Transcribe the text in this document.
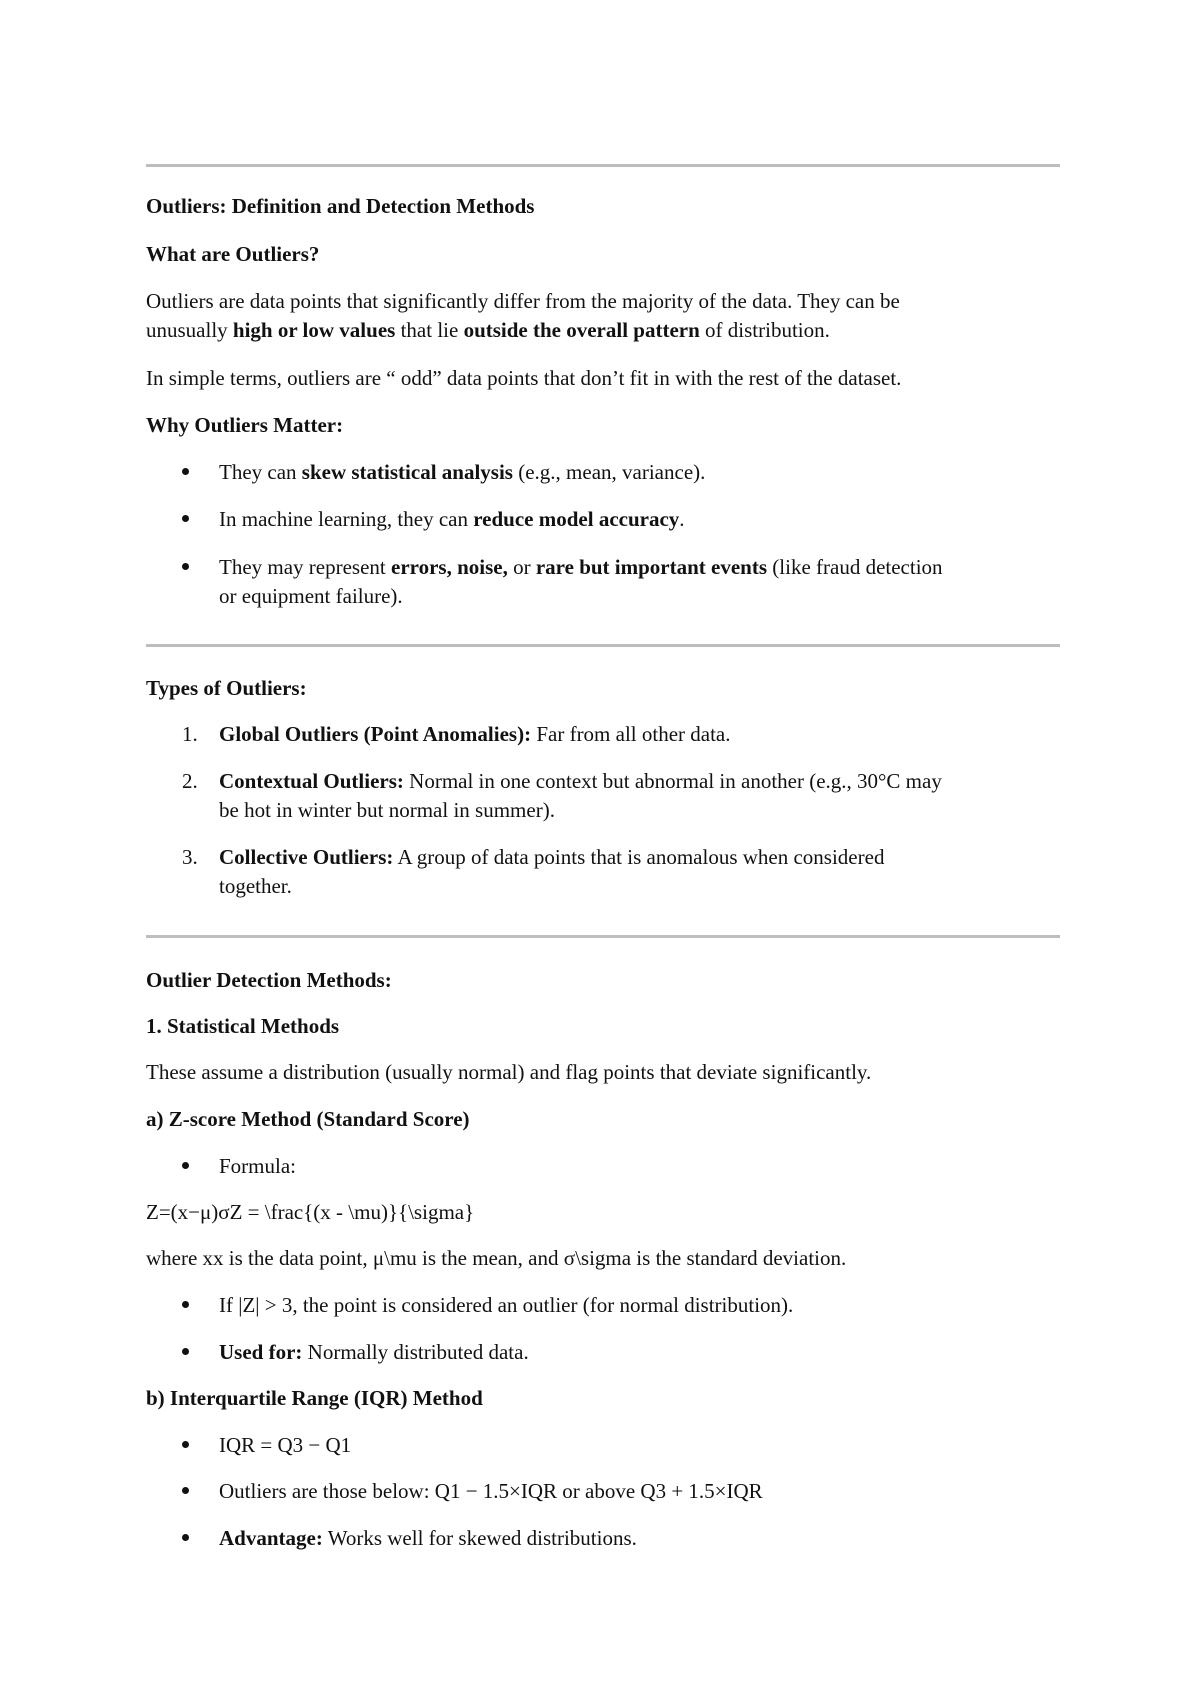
Outliers: Definition and Detection Methods
What are Outliers?
Outliers are data points that significantly differ from the majority of the data. They can be
unusually high or low values that lie outside the overall pattern of distribution.
In simple terms, outliers are “ odd” data points that don’t fit in with the rest of the dataset.
Why Outliers Matter:
They can skew statistical analysis (e.g., mean, variance).
In machine learning, they can reduce model accuracy.
They may represent errors, noise, or rare but important events (like fraud detection
or equipment failure).
Types of Outliers:
1. Global Outliers (Point Anomalies): Far from all other data.
2. Contextual Outliers: Normal in one context but abnormal in another (e.g., 30°C may
be hot in winter but normal in summer).
3. Collective Outliers: A group of data points that is anomalous when considered
together.
Outlier Detection Methods:
1. Statistical Methods
These assume a distribution (usually normal) and flag points that deviate significantly.
a) Z-score Method (Standard Score)
Formula:
Z=(x−μ)σZ = \frac{(x - \mu)}{\sigma}
where xx is the data point, μ\mu is the mean, and σ\sigma is the standard deviation.
If |Z| > 3, the point is considered an outlier (for normal distribution).
Used for: Normally distributed data.
b) Interquartile Range (IQR) Method
IQR = Q3 − Q1
Outliers are those below: Q1 − 1.5×IQR or above Q3 + 1.5×IQR
Advantage: Works well for skewed distributions.
